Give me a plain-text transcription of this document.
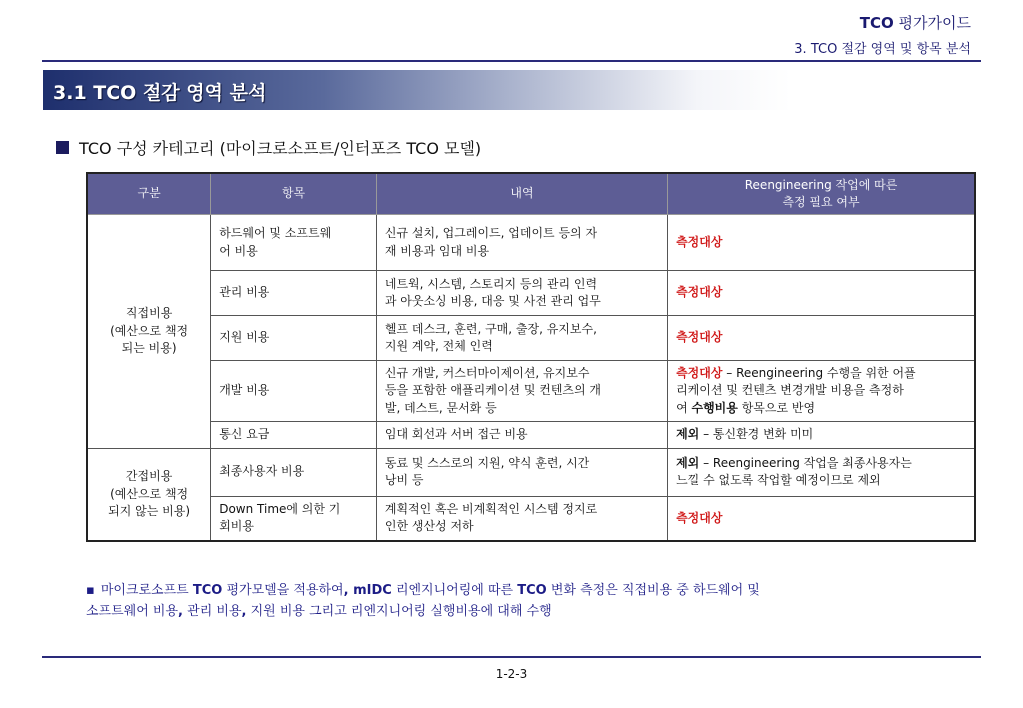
TCO 평가가이드
3. TCO 절감 영역 및 항목 분석
3.1 TCO 절감 영역 분석
TCO 구성 카테고리 (마이크로소프트/인터포즈 TCO 모델)
구분	항목	내역	Reengineering 작업에 따른
측정 필요 여부
직접비용
(예산으로 책정
되는 비용)	하드웨어 및 소프트웨
어 비용	신규 설치, 업그레이드, 업데이트 등의 자
재 비용과 임대 비용	측정대상
	관리 비용	네트웍, 시스템, 스토리지 등의 관리 인력
과 아웃소싱 비용, 대응 및 사전 관리 업무	측정대상
	지원 비용	헬프 데스크, 훈련, 구매, 출장, 유지보수,
지원 계약, 전체 인력	측정대상
	개발 비용	신규 개발, 커스터마이제이션, 유지보수
등을 포함한 애플리케이션 및 컨텐츠의 개
발, 데스트, 문서화 등	측정대상 – Reengineering 수행을 위한 어플
리케이션 및 컨텐츠 변경개발 비용을 측정하
여 수행비용 항목으로 반영
	통신 요금	임대 회선과 서버 접근 비용	제외 – 통신환경 변화 미미
간접비용
(예산으로 책정
되지 않는 비용)	최종사용자 비용	동료 및 스스로의 지원, 약식 훈련, 시간
낭비 등	제외 – Reengineering 작업을 최종사용자는
느낄 수 없도록 작업할 예정이므로 제외
	Down Time에 의한 기
회비용	계획적인 혹은 비계획적인 시스템 정지로
인한 생산성 저하	측정대상
▪ 마이크로소프트 TCO 평가모델을 적용하여, mIDC 리엔지니어링에 따른 TCO 변화 측정은 직접비용 중 하드웨어 및
소프트웨어 비용, 관리 비용, 지원 비용 그리고 리엔지니어링 실행비용에 대해 수행
1-2-3
